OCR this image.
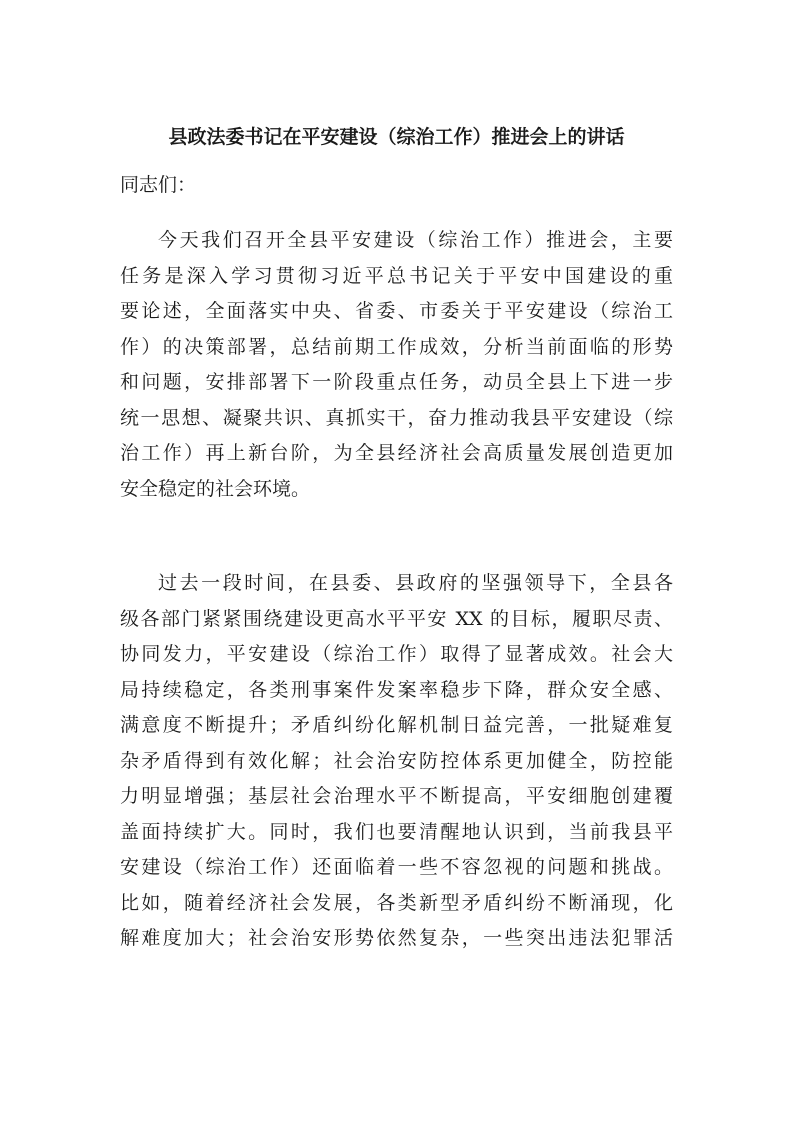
县政法委书记在平安建设（综治工作）推进会上的讲话
同志们：
今天我们召开全县平安建设（综治工作）推进会，主要
任务是深入学习贯彻习近平总书记关于平安中国建设的重
要论述，全面落实中央、省委、市委关于平安建设（综治工
作）的决策部署，总结前期工作成效，分析当前面临的形势
和问题，安排部署下一阶段重点任务，动员全县上下进一步
统一思想、凝聚共识、真抓实干，奋力推动我县平安建设（综
治工作）再上新台阶，为全县经济社会高质量发展创造更加
安全稳定的社会环境。
过去一段时间，在县委、县政府的坚强领导下，全县各
级各部门紧紧围绕建设更高水平平安 XX 的目标，履职尽责、
协同发力，平安建设（综治工作）取得了显著成效。社会大
局持续稳定，各类刑事案件发案率稳步下降，群众安全感、
满意度不断提升；矛盾纠纷化解机制日益完善，一批疑难复
杂矛盾得到有效化解；社会治安防控体系更加健全，防控能
力明显增强；基层社会治理水平不断提高，平安细胞创建覆
盖面持续扩大。同时，我们也要清醒地认识到，当前我县平
安建设（综治工作）还面临着一些不容忽视的问题和挑战。
比如，随着经济社会发展，各类新型矛盾纠纷不断涌现，化
解难度加大；社会治安形势依然复杂，一些突出违法犯罪活
